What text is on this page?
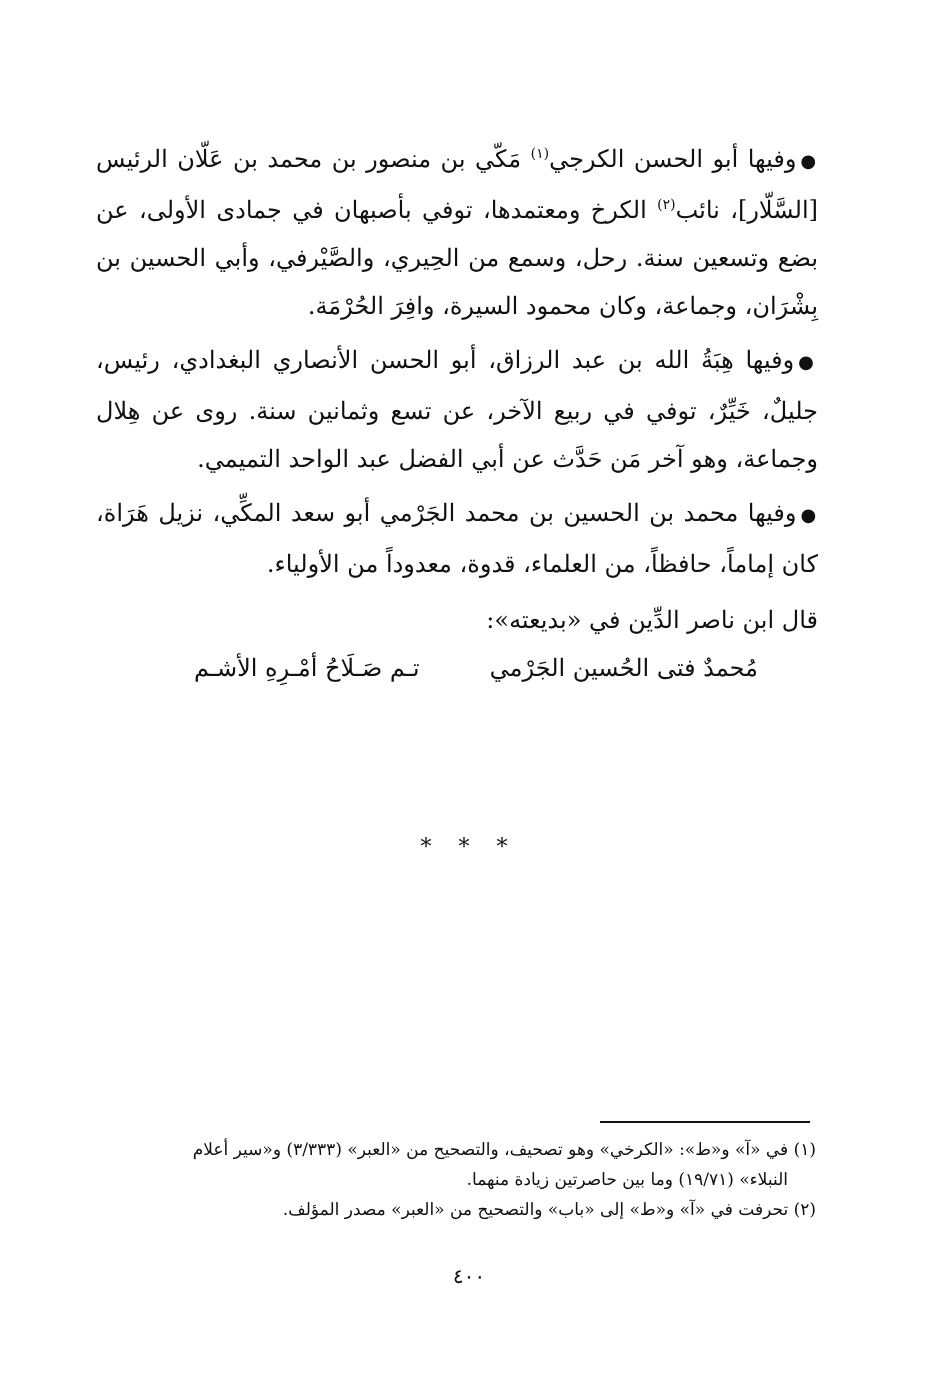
●وفيها أبو الحسن الكرجي$^{(١)}$ مَكّي بن منصور بن محمد بن عَلّان الرئيس [السَّلّار]، نائب$^{(٢)}$ الكرخ ومعتمدها، توفي بأصبهان في جمادى الأولى، عن بضع وتسعين سنة. رحل، وسمع من الحِيري، والصَّيْرفي، وأبي الحسين بن بِشْرَان، وجماعة، وكان محمود السيرة، وافِرَ الحُرْمَة.

●وفيها هِبَةُ الله بن عبد الرزاق، أبو الحسن الأنصاري البغدادي، رئيس، جليلٌ، خَيِّرٌ، توفي في ربيع الآخر، عن تسع وثمانين سنة. روى عن هِلال وجماعة، وهو آخر مَن حَدَّث عن أبي الفضل عبد الواحد التميمي.

●وفيها محمد بن الحسين بن محمد الجَرْمي أبو سعد المكِّي، نزيل هَرَاة، كان إماماً، حافظاً، من العلماء، قدوة، معدوداً من الأولياء.

قال ابن ناصر الدِّين في «بديعته»:

مُحمدٌ فتى الحُسين الجَرْمي
تـم صَـلَاحُ أمْـرِهِ الأشـم
* * *

(١) في «آ» و«ط»: «الكرخي» وهو تصحيف، والتصحيح من «العبر» (٣/٣٣٣) و«سير أعلام

النبلاء» (١٩/٧١) وما بين حاصرتين زيادة منهما.

(٢) تحرفت في «آ» و«ط» إلى «باب» والتصحيح من «العبر» مصدر المؤلف.

٤٠٠
